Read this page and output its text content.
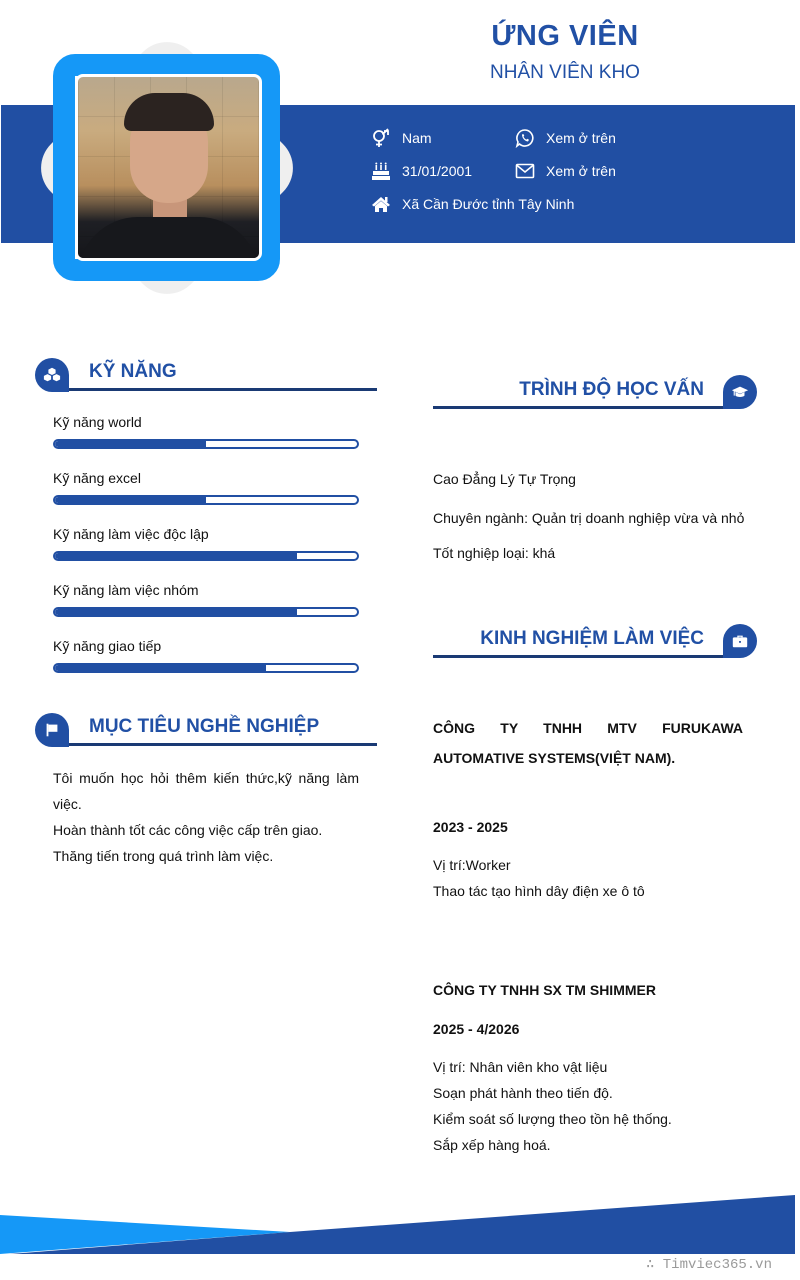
ỨNG VIÊN
NHÂN VIÊN KHO
Nam
31/01/2001
Xã Cần Đước tỉnh Tây Ninh
Xem ở trên
Xem ở trên
KỸ NĂNG
Kỹ năng world
Kỹ năng excel
Kỹ năng làm việc độc lập
Kỹ năng làm việc nhóm
Kỹ năng giao tiếp
MỤC TIÊU NGHỀ NGHIỆP

Tôi muốn học hỏi thêm kiến thức,kỹ năng làm việc.

Hoàn thành tốt các công việc cấp trên giao.

Thăng tiến trong quá trình làm việc.

TRÌNH ĐỘ HỌC VẤN
Cao Đẳng Lý Tự Trọng
Chuyên ngành: Quản trị doanh nghiệp vừa và nhỏ
Tốt nghiệp loại: khá
KINH NGHIỆM LÀM VIỆC
CÔNG TY TNHH MTV FURUKAWA AUTOMATIVE SYSTEMS(VIỆT NAM).
2023 - 2025
Vị trí:Worker
Thao tác tạo hình dây điện xe ô tô
CÔNG TY TNHH SX TM SHIMMER
2025 - 4/2026
Vị trí: Nhân viên kho vật liệu
Soạn phát hành theo tiến độ.
Kiểm soát số lượng theo tồn hệ thống.
Sắp xếp hàng hoá.
∴ Timviec365.vn
